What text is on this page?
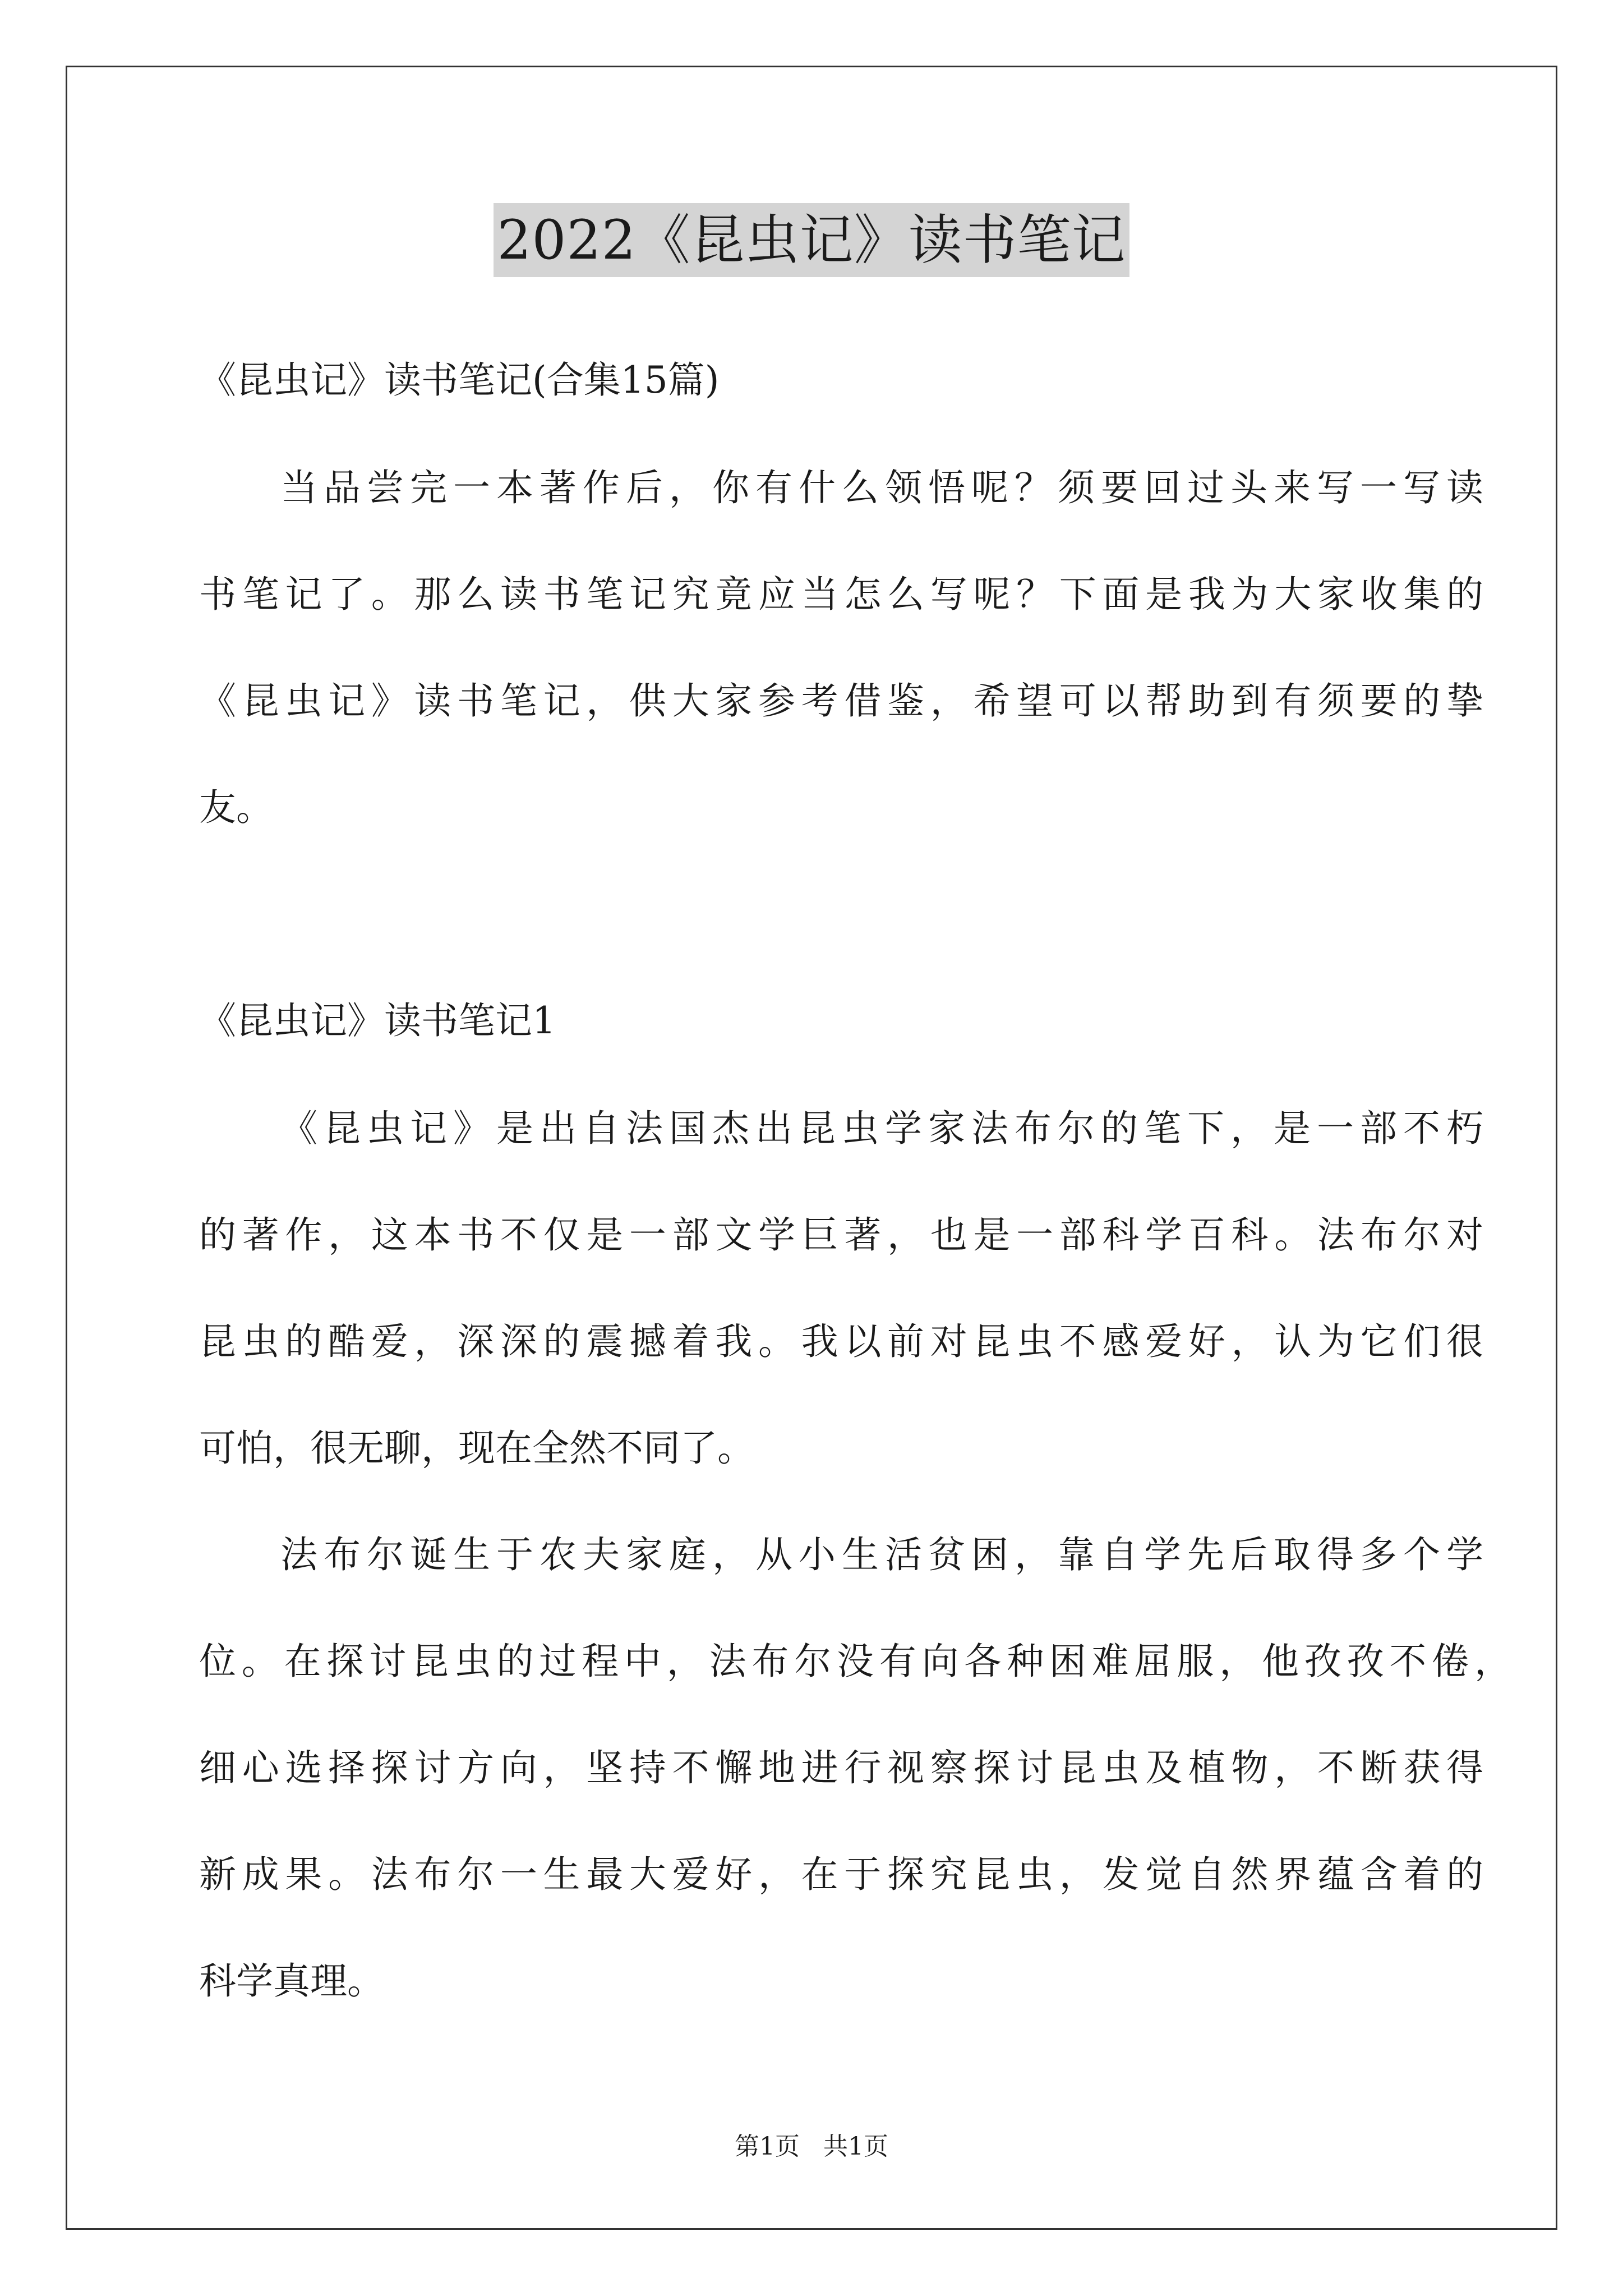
2022《昆虫记》读书笔记
《昆虫记》读书笔记(合集15篇)
当品尝完一本著作后，你有什么领悟呢？须要回过头来写一写读
书笔记了。那么读书笔记究竟应当怎么写呢？下面是我为大家收集的
《昆虫记》读书笔记，供大家参考借鉴，希望可以帮助到有须要的挚
友。
《昆虫记》读书笔记1
《昆虫记》是出自法国杰出昆虫学家法布尔的笔下，是一部不朽
的著作，这本书不仅是一部文学巨著，也是一部科学百科。法布尔对
昆虫的酷爱，深深的震撼着我。我以前对昆虫不感爱好，认为它们很
可怕，很无聊，现在全然不同了。
法布尔诞生于农夫家庭，从小生活贫困，靠自学先后取得多个学
位。在探讨昆虫的过程中，法布尔没有向各种困难屈服，他孜孜不倦，
细心选择探讨方向，坚持不懈地进行视察探讨昆虫及植物，不断获得
新成果。法布尔一生最大爱好，在于探究昆虫，发觉自然界蕴含着的
科学真理。
第1页 共1页
